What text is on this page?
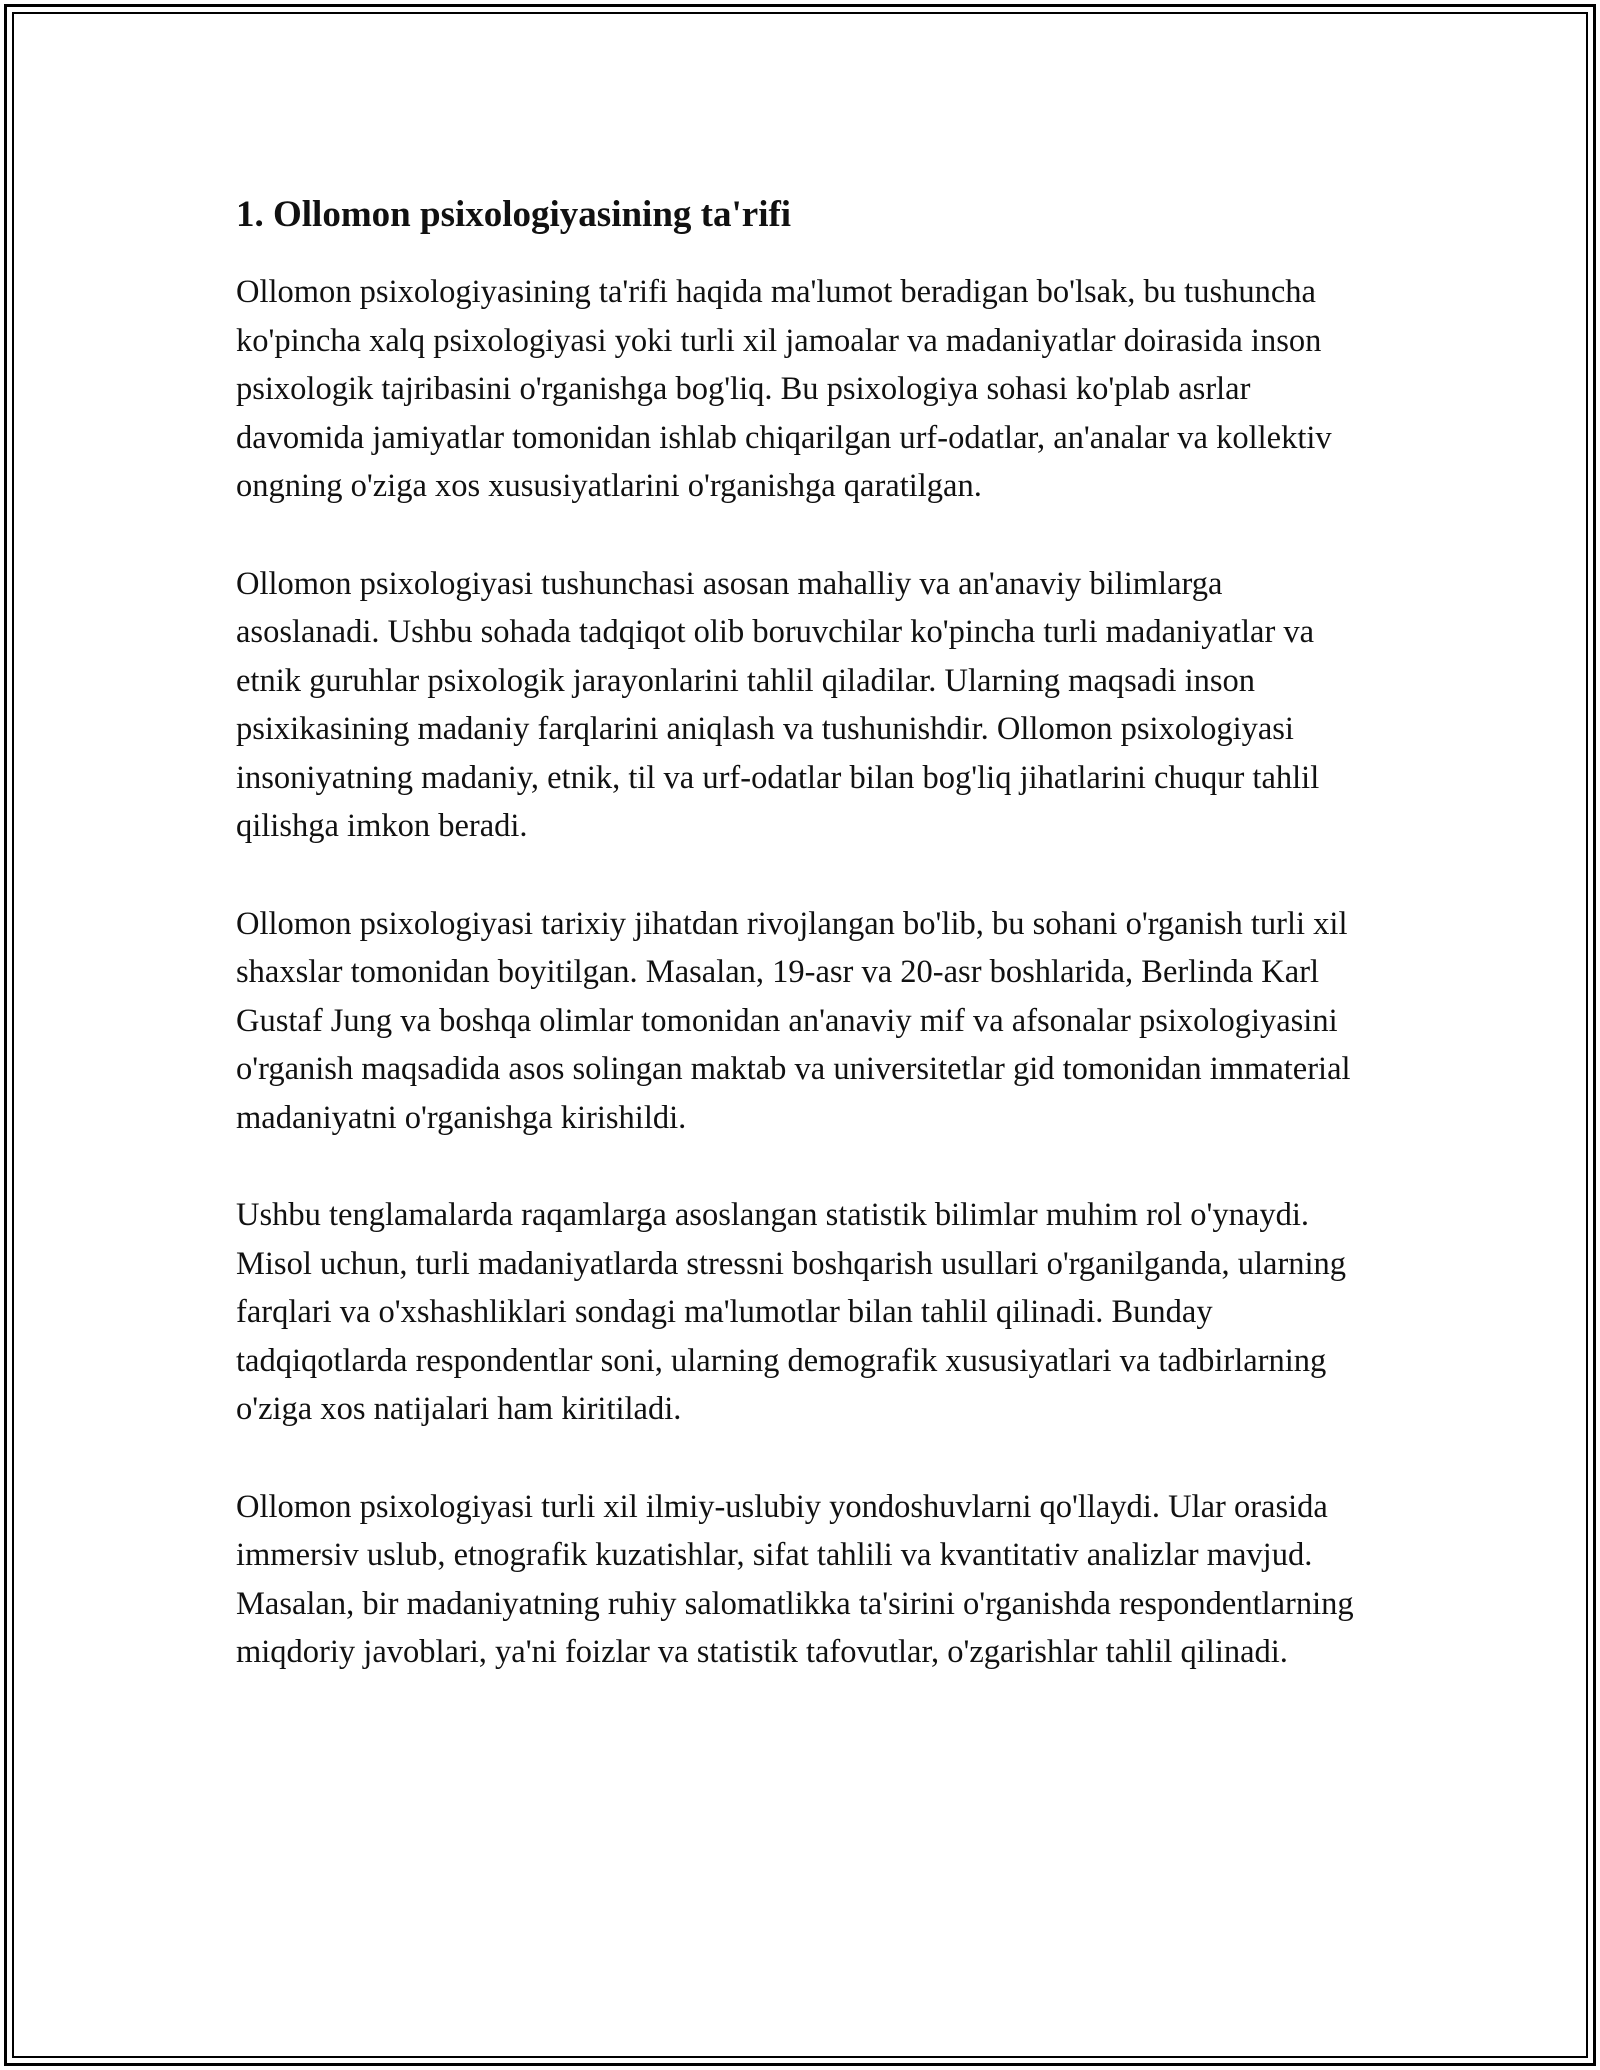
1. Ollomon psixologiyasining ta'rifi

Ollomon psixologiyasining ta'rifi haqida ma'lumot beradigan bo'lsak, bu tushuncha ko'pincha xalq psixologiyasi yoki turli xil jamoalar va madaniyatlar doirasida inson psixologik tajribasini o'rganishga bog'liq. Bu psixologiya sohasi ko'plab asrlar davomida jamiyatlar tomonidan ishlab chiqarilgan urf-odatlar, an'analar va kollektiv ongning o'ziga xos xususiyatlarini o'rganishga qaratilgan.

Ollomon psixologiyasi tushunchasi asosan mahalliy va an'anaviy bilimlarga asoslanadi. Ushbu sohada tadqiqot olib boruvchilar ko'pincha turli madaniyatlar va etnik guruhlar psixologik jarayonlarini tahlil qiladilar. Ularning maqsadi inson psixikasining madaniy farqlarini aniqlash va tushunishdir. Ollomon psixologiyasi insoniyatning madaniy, etnik, til va urf-odatlar bilan bog'liq jihatlarini chuqur tahlil qilishga imkon beradi.

Ollomon psixologiyasi tarixiy jihatdan rivojlangan bo'lib, bu sohani o'rganish turli xil shaxslar tomonidan boyitilgan. Masalan, 19-asr va 20-asr boshlarida, Berlinda Karl Gustaf Jung va boshqa olimlar tomonidan an'anaviy mif va afsonalar psixologiyasini o'rganish maqsadida asos solingan maktab va universitetlar gid tomonidan immaterial madaniyatni o'rganishga kirishildi.

Ushbu tenglamalarda raqamlarga asoslangan statistik bilimlar muhim rol o'ynaydi. Misol uchun, turli madaniyatlarda stressni boshqarish usullari o'rganilganda, ularning farqlari va o'xshashliklari sondagi ma'lumotlar bilan tahlil qilinadi. Bunday tadqiqotlarda respondentlar soni, ularning demografik xususiyatlari va tadbirlarning o'ziga xos natijalari ham kiritiladi.

Ollomon psixologiyasi turli xil ilmiy-uslubiy yondoshuvlarni qo'llaydi. Ular orasida immersiv uslub, etnografik kuzatishlar, sifat tahlili va kvantitativ analizlar mavjud. Masalan, bir madaniyatning ruhiy salomatlikka ta'sirini o'rganishda respondentlarning miqdoriy javoblari, ya'ni foizlar va statistik tafovutlar, o'zgarishlar tahlil qilinadi.
